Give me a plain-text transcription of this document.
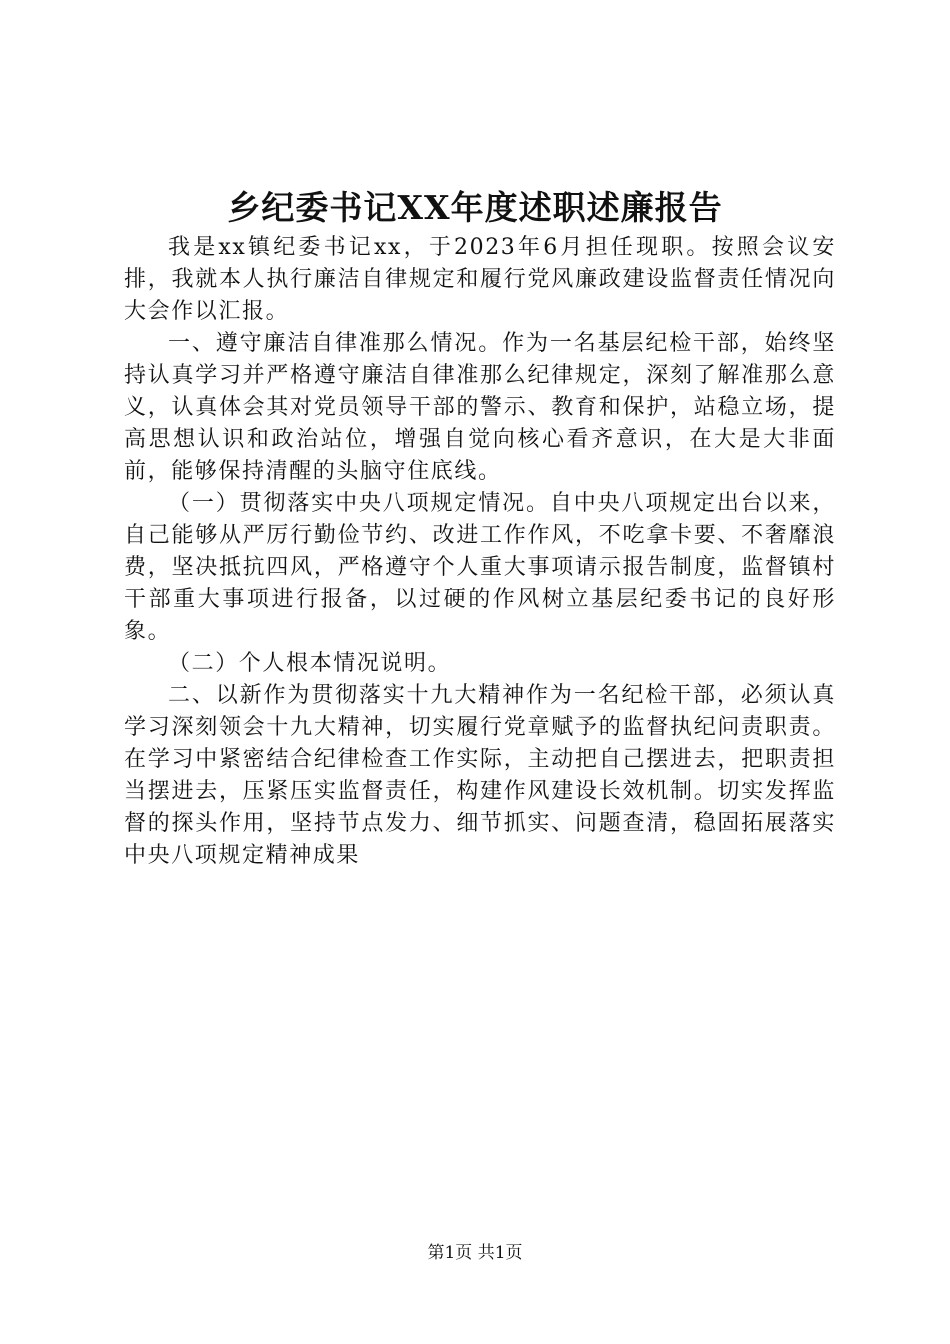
乡纪委书记XX年度述职述廉报告

我是xx镇纪委书记xx，于2023年6月担任现职。按照会议安排，我就本人执行廉洁自律规定和履行党风廉政建设监督责任情况向大会作以汇报。

一、遵守廉洁自律准那么情况。作为一名基层纪检干部，始终坚持认真学习并严格遵守廉洁自律准那么纪律规定，深刻了解准那么意义，认真体会其对党员领导干部的警示、教育和保护，站稳立场，提高思想认识和政治站位，增强自觉向核心看齐意识，在大是大非面前，能够保持清醒的头脑守住底线。

（一）贯彻落实中央八项规定情况。自中央八项规定出台以来，自己能够从严厉行勤俭节约、改进工作作风，不吃拿卡要、不奢靡浪费，坚决抵抗四风，严格遵守个人重大事项请示报告制度，监督镇村干部重大事项进行报备，以过硬的作风树立基层纪委书记的良好形象。

（二）个人根本情况说明。

二、以新作为贯彻落实十九大精神作为一名纪检干部，必须认真学习深刻领会十九大精神，切实履行党章赋予的监督执纪问责职责。在学习中紧密结合纪律检查工作实际，主动把自己摆进去，把职责担当摆进去，压紧压实监督责任，构建作风建设长效机制。切实发挥监督的探头作用，坚持节点发力、细节抓实、问题查清，稳固拓展落实中央八项规定精神成果

第1页 共1页
